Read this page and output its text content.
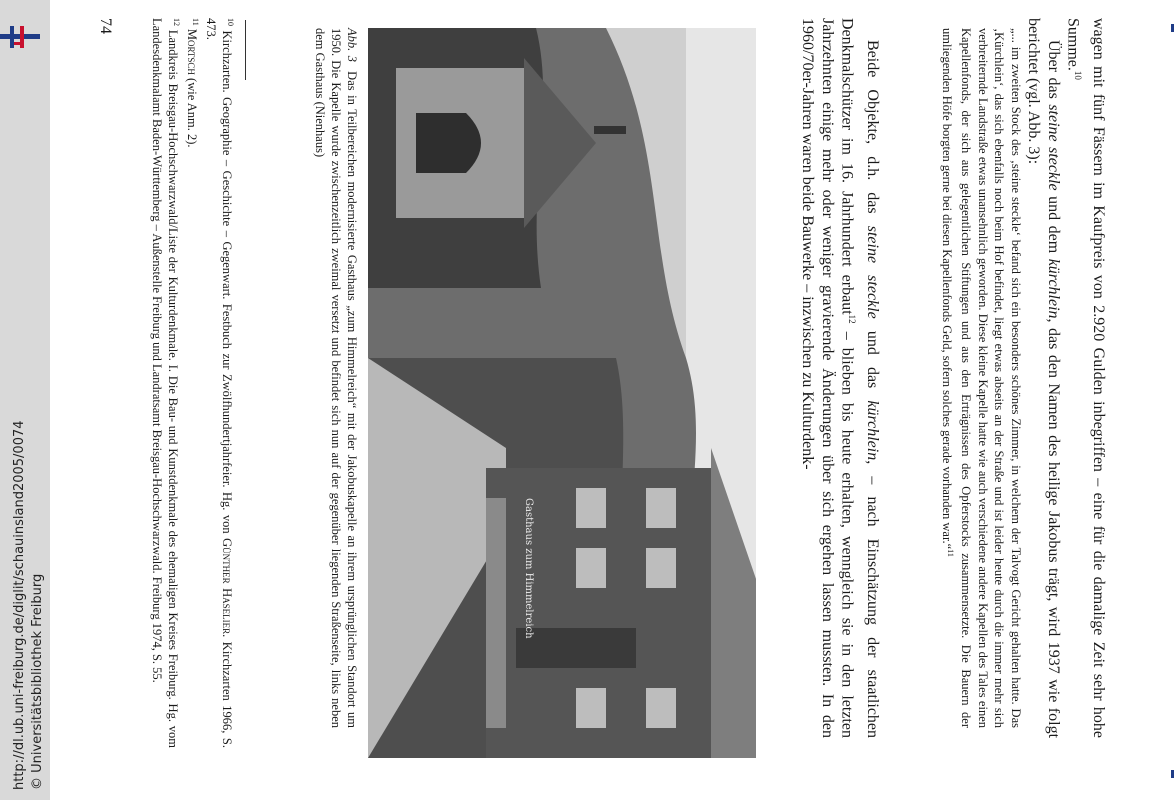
http://dl.ub.uni-freiburg.de/diglit/schauinsland2005/0074 © Universitätsbibliothek Freiburg

wagen mit fünf Fässern im Kaufpreis von 2.920 Gulden inbegriffen – eine für die damalige Zeit sehr hohe Summe.$^{10}$

Über das steine steckle und dem kürchlein, das den Namen des heilige Jakobus trägt, wird 1937 wie folgt berichtet (vgl. Abb. 3):

„... im zweiten Stock des ‚steine steckle‘ befand sich ein besonders schönes Zimmer, in welchem der Talvogt Gericht gehalten hatte. Das ‚Kürchlein‘, das sich ebenfalls noch beim Hof befindet, liegt etwas abseits an der Straße und ist leider heute durch die immer mehr sich verbreiternde Landstraße etwas unansehnlich geworden. Diese kleine Kapelle hatte wie auch verschiedene andere Kapellen des Tales einen Kapellenfonds, der sich aus gelegentlichen Stiftungen und aus den Erträgnissen des Opferstocks zusammensetzte. Die Bauern der umliegenden Höfe borgten gerne bei diesen Kapellenfonds Geld, sofern solches gerade vorhanden war.“$^{11}$

Beide Objekte, d.h. das steine steckle und das kürchlein, – nach Einschätzung der staatlichen Denkmalschützer im 16. Jahrhundert erbaut$^{12}$ – blieben bis heute erhalten, wenngleich sie in den letzten Jahrzehnten einige mehr oder weniger gravierende Änderungen über sich ergehen lassen mussten. In den 1960/70er-Jahren waren beide Bauwerke – inzwischen zu Kulturdenk-

Gasthaus zum Himmelreich

Abb. 3  Das in Teilbereichen modernisierte Gasthaus „zum Himmelreich“ mit der Jakobuskapelle an ihrem ursprünglichen Standort um 1950. Die Kapelle wurde zwischenzeitlich zweimal versetzt und befindet sich nun auf der gegenüber liegenden Straßenseite, links neben dem Gasthaus (Nienhaus)

$^{10}$ Kirchzarten. Geographie – Geschichte – Gegenwart. Festbuch zur Zwölfhundertjahrfeier. Hg. von Günther Haselier. Kirchzarten 1966, S. 473.

$^{11}$ Mortsch (wie Anm. 2).

$^{12}$ Landkreis Breisgau-Hochschwarzwald/Liste der Kulturdenkmale. I. Die Bau- und Kunstdenkmale des ehemaligen Kreises Freiburg. Hg. vom Landesdenkmalamt Baden-Württemberg – Außenstelle Freiburg und Landratsamt Breisgau-Hochschwarzwald. Freiburg 1974, S. 55.

74
